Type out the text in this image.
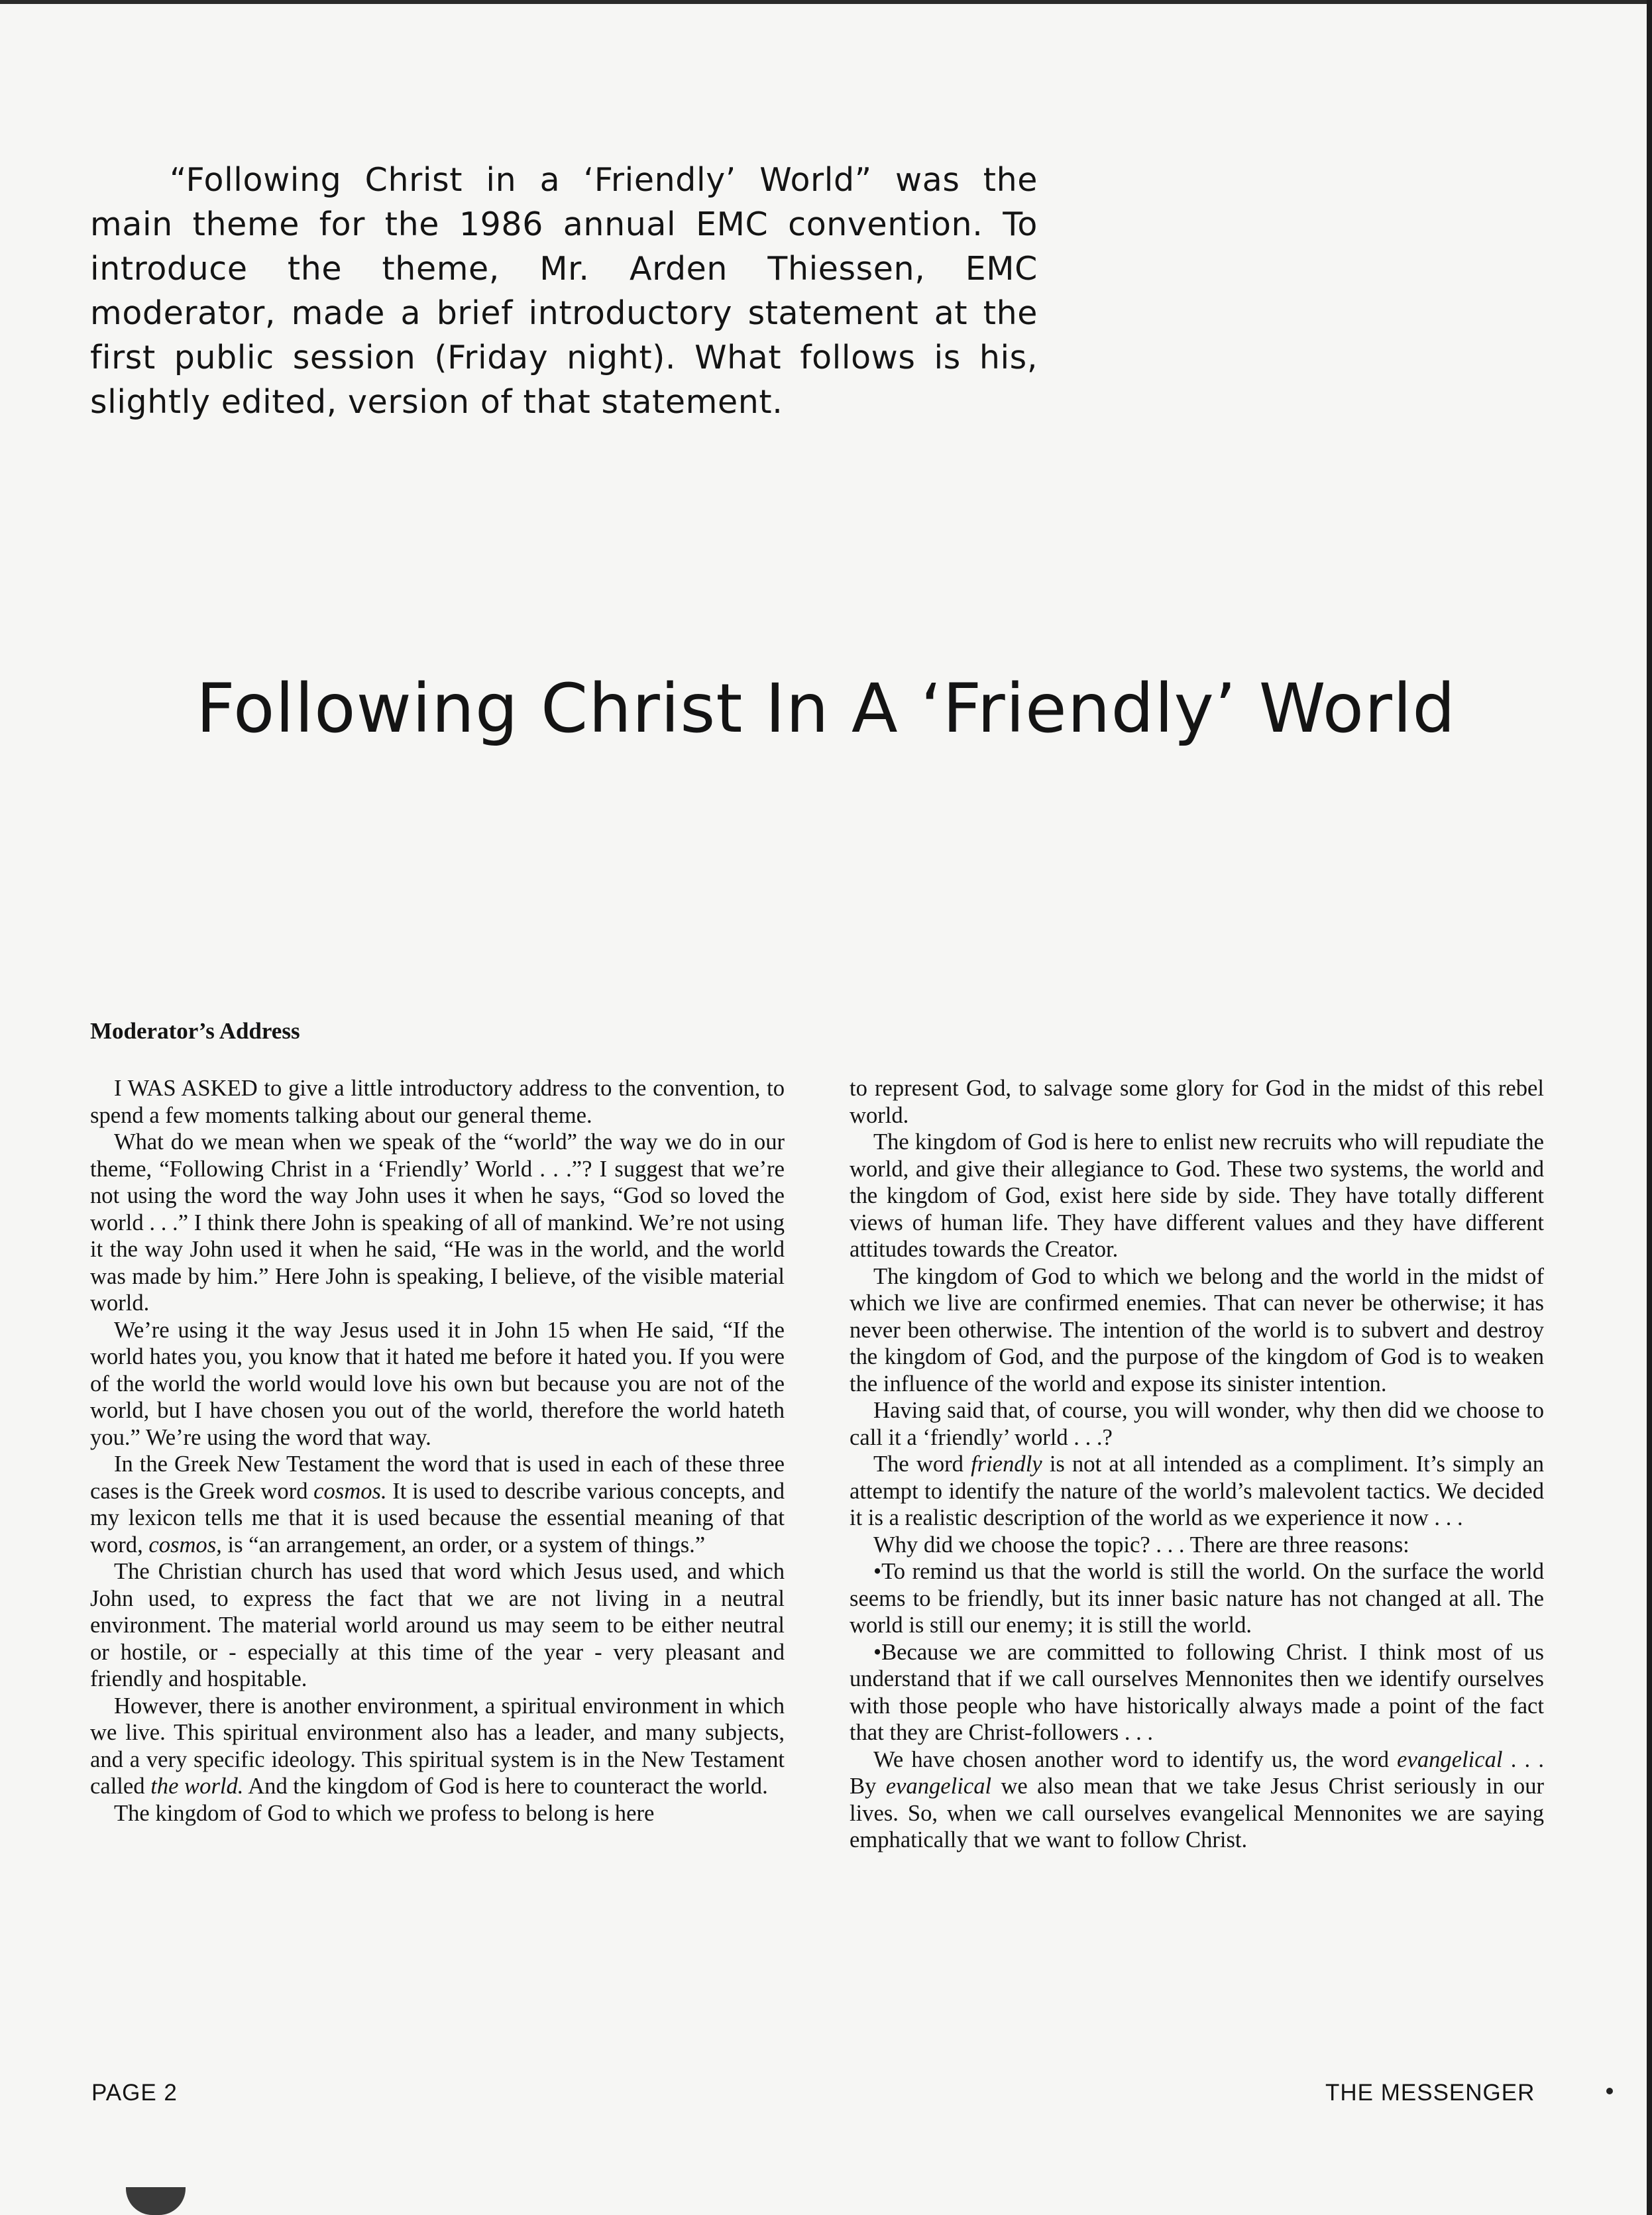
“Following Christ in a ‘Friendly’ World” was the main theme for the 1986 annual EMC convention. To introduce the theme, Mr. Arden Thiessen, EMC moderator, made a brief introductory statement at the first public session (Friday night). What follows is his, slightly edited, version of that statement.

Following Christ In A ‘Friendly’ World
Moderator’s Address

I WAS ASKED to give a little introductory address to the convention, to spend a few moments talking about our general theme.

What do we mean when we speak of the “world” the way we do in our theme, “Following Christ in a ‘Friendly’ World . . .”? I suggest that we’re not using the word the way John uses it when he says, “God so loved the world . . .” I think there John is speaking of all of mankind. We’re not using it the way John used it when he said, “He was in the world, and the world was made by him.” Here John is speaking, I believe, of the visible material world.

We’re using it the way Jesus used it in John 15 when He said, “If the world hates you, you know that it hated me before it hated you. If you were of the world the world would love his own but because you are not of the world, but I have chosen you out of the world, therefore the world hateth you.” We’re using the word that way.

In the Greek New Testament the word that is used in each of these three cases is the Greek word cosmos. It is used to describe various concepts, and my lexicon tells me that it is used because the essential meaning of that word, cosmos, is “an arrangement, an order, or a system of things.”

The Christian church has used that word which Jesus used, and which John used, to express the fact that we are not living in a neutral environment. The material world around us may seem to be either neutral or hostile, or - especially at this time of the year - very pleasant and friendly and hospitable.

However, there is another environment, a spiritual environment in which we live. This spiritual environment also has a leader, and many subjects, and a very specific ideology. This spiritual system is in the New Testament called the world. And the kingdom of God is here to counteract the world.

The kingdom of God to which we profess to belong is here

to represent God, to salvage some glory for God in the midst of this rebel world.

The kingdom of God is here to enlist new recruits who will repudiate the world, and give their allegiance to God. These two systems, the world and the kingdom of God, exist here side by side. They have totally different views of human life. They have different values and they have different attitudes towards the Creator.

The kingdom of God to which we belong and the world in the midst of which we live are confirmed enemies. That can never be otherwise; it has never been otherwise. The intention of the world is to subvert and destroy the kingdom of God, and the purpose of the kingdom of God is to weaken the influence of the world and expose its sinister intention.

Having said that, of course, you will wonder, why then did we choose to call it a ‘friendly’ world . . .?

The word friendly is not at all intended as a compliment. It’s simply an attempt to identify the nature of the world’s malevolent tactics. We decided it is a realistic description of the world as we experience it now . . .

Why did we choose the topic? . . . There are three reasons:

•To remind us that the world is still the world. On the surface the world seems to be friendly, but its inner basic nature has not changed at all. The world is still our enemy; it is still the world.

•Because we are committed to following Christ. I think most of us understand that if we call ourselves Mennonites then we identify ourselves with those people who have historically always made a point of the fact that they are Christ-followers . . .

We have chosen another word to identify us, the word evangelical . . . By evangelical we also mean that we take Jesus Christ seriously in our lives. So, when we call ourselves evangelical Mennonites we are saying emphatically that we want to follow Christ.

PAGE 2	THE MESSENGER
